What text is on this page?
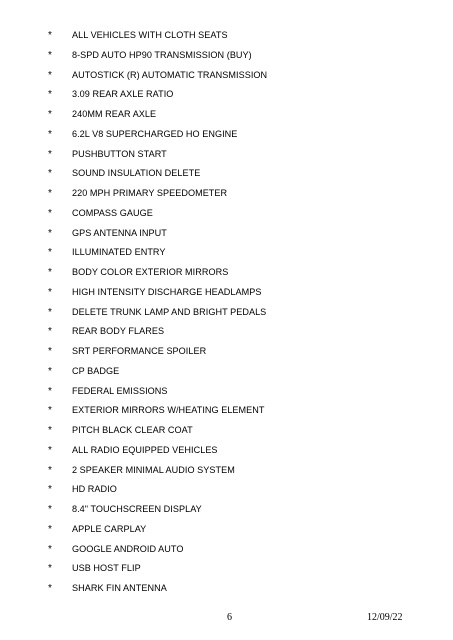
* ALL VEHICLES WITH CLOTH SEATS
* 8-SPD AUTO HP90 TRANSMISSION (BUY)
* AUTOSTICK (R) AUTOMATIC TRANSMISSION
* 3.09 REAR AXLE RATIO
* 240MM REAR AXLE
* 6.2L V8 SUPERCHARGED HO ENGINE
* PUSHBUTTON START
* SOUND INSULATION DELETE
* 220 MPH PRIMARY SPEEDOMETER
* COMPASS GAUGE
* GPS ANTENNA INPUT
* ILLUMINATED ENTRY
* BODY COLOR EXTERIOR MIRRORS
* HIGH INTENSITY DISCHARGE HEADLAMPS
* DELETE TRUNK LAMP AND BRIGHT PEDALS
* REAR BODY FLARES
* SRT PERFORMANCE SPOILER
* CP BADGE
* FEDERAL EMISSIONS
* EXTERIOR MIRRORS W/HEATING ELEMENT
* PITCH BLACK CLEAR COAT
* ALL RADIO EQUIPPED VEHICLES
* 2 SPEAKER MINIMAL AUDIO SYSTEM
* HD RADIO
* 8.4" TOUCHSCREEN DISPLAY
* APPLE CARPLAY
* GOOGLE ANDROID AUTO
* USB HOST FLIP
* SHARK FIN ANTENNA
6	12/09/22
